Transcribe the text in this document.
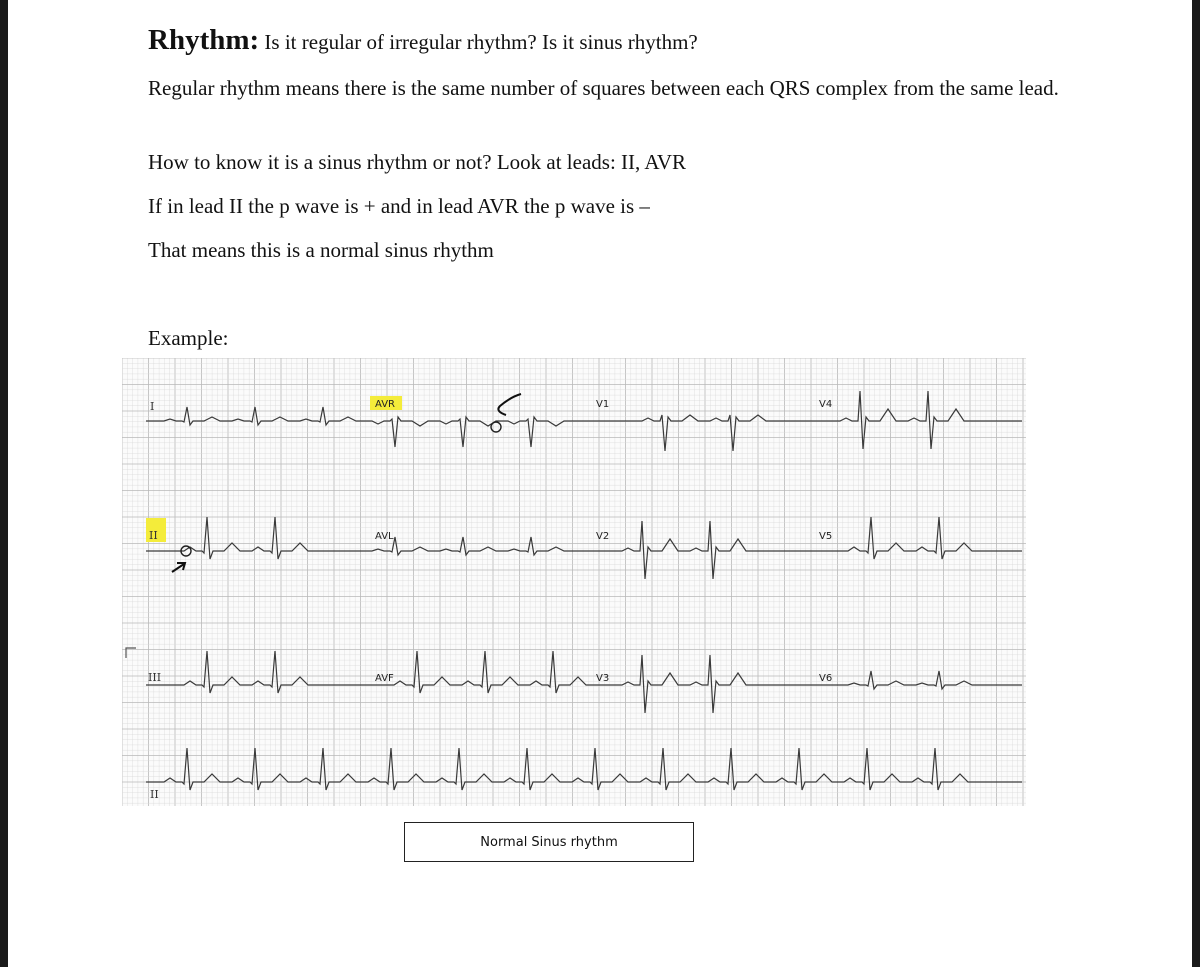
Rhythm: Is it regular of irregular rhythm? Is it sinus rhythm?
Regular rhythm means there is the same number of squares between each QRS complex from the same lead.
How to know it is a sinus rhythm or not? Look at leads: II, AVR
If in lead II the p wave is + and in lead AVR the p wave is –
That means this is a normal sinus rhythm
Example:
I	AVR	V1	V4
II	AVL	V2	V5
III	AVF	V3	V6
II
Normal Sinus rhythm
